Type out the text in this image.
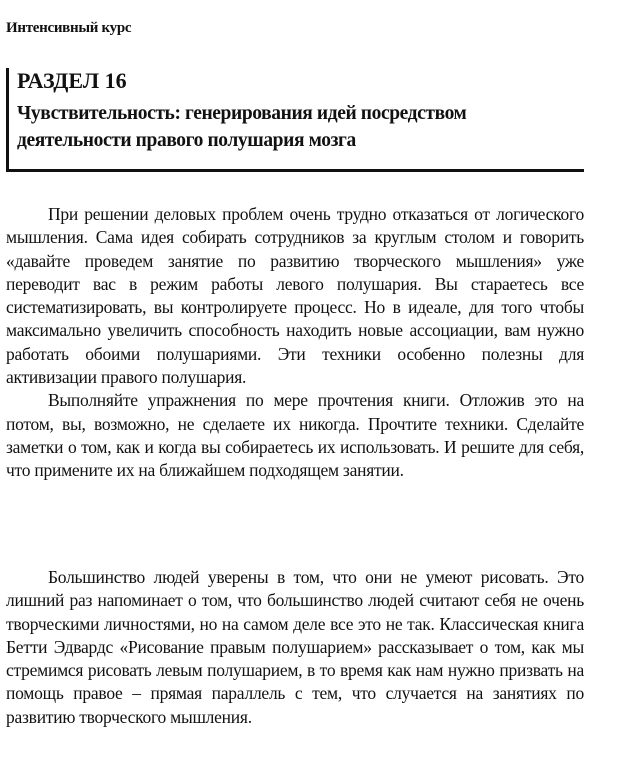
Интенсивный курс
РАЗДЕЛ 16
Чувствительность: генерирования идей посредством деятельности правого полушария мозга

При решении деловых проблем очень трудно отказаться от логического мышления. Сама идея собирать сотрудников за круглым столом и говорить «давайте проведем занятие по развитию творческого мышления» уже переводит вас в режим работы левого полушария. Вы стараетесь все систематизировать, вы контролируете процесс. Но в идеале, для того чтобы максимально увеличить способность находить новые ассоциации, вам нужно работать обоими полушариями. Эти техники особенно полезны для активизации правого полушария.

Выполняйте упражнения по мере прочтения книги. Отложив это на потом, вы, возможно, не сделаете их никогда. Прочтите техники. Сделайте заметки о том, как и когда вы собираетесь их использовать. И решите для себя, что примените их на ближайшем подходящем занятии.

Большинство людей уверены в том, что они не умеют рисовать. Это лишний раз напоминает о том, что большинство людей считают себя не очень творческими личностями, но на самом деле все это не так. Классическая книга Бетти Эдвардс «Рисование правым полушарием» рассказывает о том, как мы стремимся рисовать левым полушарием, в то время как нам нужно призвать на помощь правое – прямая параллель с тем, что случается на занятиях по развитию творческого мышления.
